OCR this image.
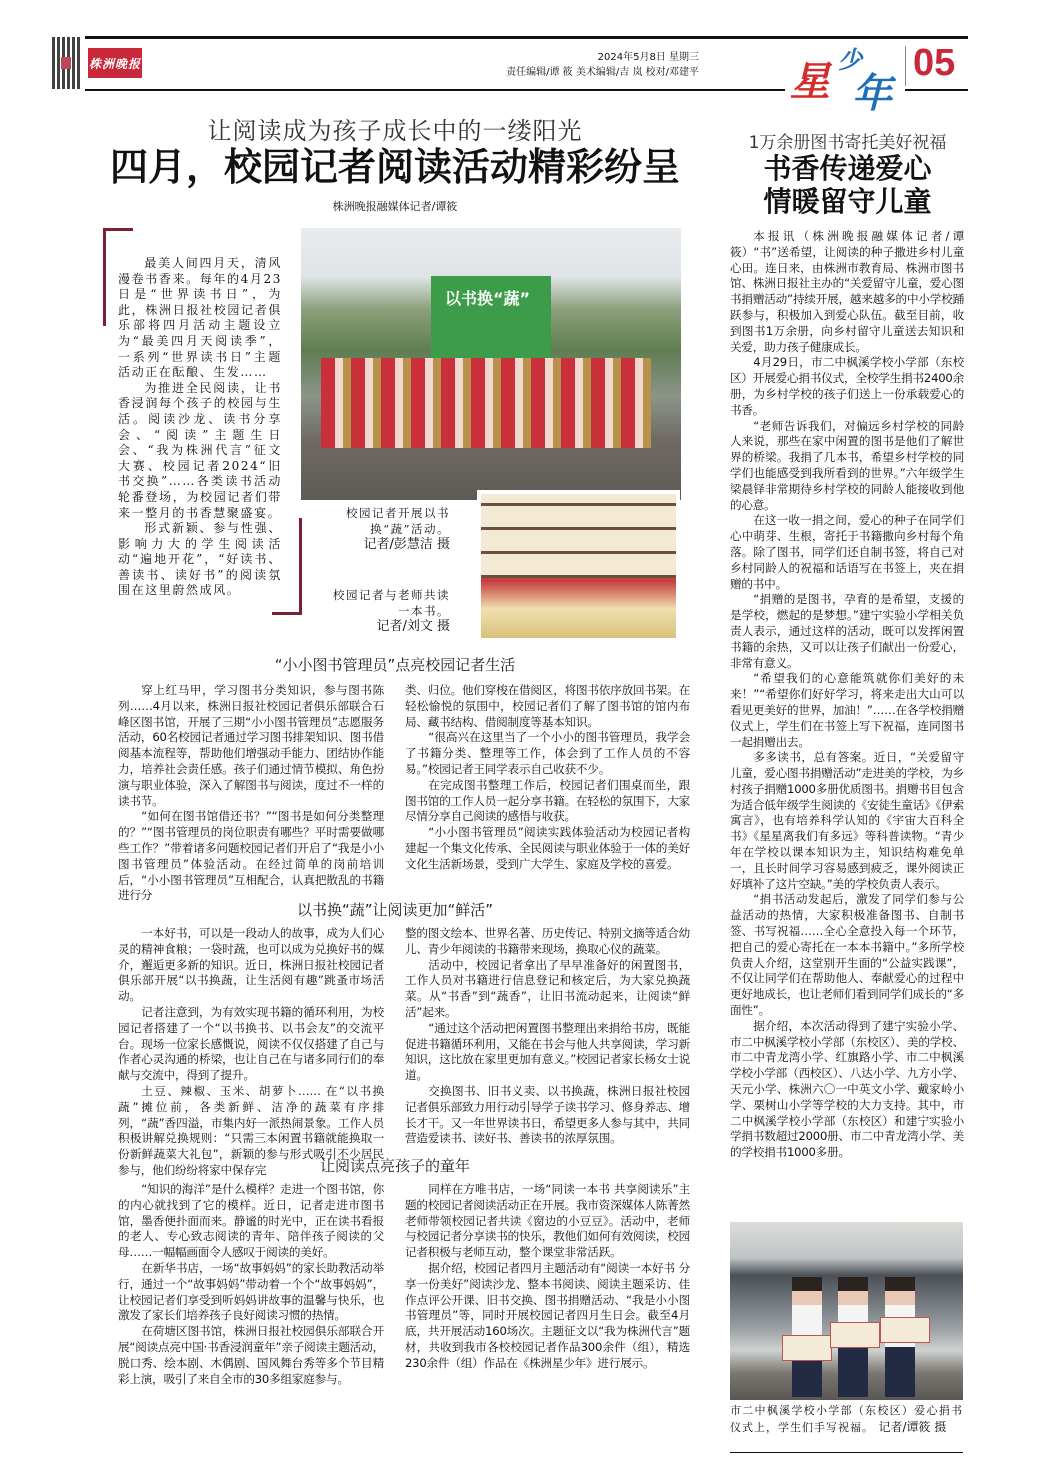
株洲晚报	2024年5月8日 星期三
责任编辑/谭 筱 美术编辑/吉 岚 校对/邓建平 星 少
年
05
让阅读成为孩子成长中的一缕阳光
四月，校园记者阅读活动精彩纷呈
株洲晚报融媒体记者/谭筱

最美人间四月天，清风漫卷书香来。每年的4月23日是“世界读书日”，为此，株洲日报社校园记者俱乐部将四月活动主题设立为“最美四月天阅读季”，一系列“世界读书日”主题活动正在酝酿、生发……

为推进全民阅读，让书香浸润每个孩子的校园与生活。阅读沙龙、读书分享会、“阅读”主题生日会、“我为株洲代言”征文大赛、校园记者2024“旧书交换”……各类读书活动轮番登场，为校园记者们带来一整月的书香慧聚盛宴。

形式新颖、参与性强、影响力大的学生阅读活动“遍地开花”，“好读书、善读书、读好书”的阅读氛围在这里蔚然成风。

以书换“蔬”
校园记者开展以书换“蔬”活动。
记者/彭慧洁 摄
校园记者与老师共读一本书。
记者/刘文 摄
“小小图书管理员”点亮校园记者生活

穿上红马甲，学习图书分类知识，参与图书陈列……4月以来，株洲日报社校园记者俱乐部联合石峰区图书馆，开展了三期“小小图书管理员”志愿服务活动，60名校园记者通过学习图书排架知识、图书借阅基本流程等，帮助他们增强动手能力、团结协作能力，培养社会责任感。孩子们通过情节模拟、角色扮演与职业体验，深入了解图书与阅读，度过不一样的读书节。

“如何在图书馆借还书？”“图书是如何分类整理的？”“图书管理员的岗位职责有哪些？平时需要做哪些工作？”带着诸多问题校园记者们开启了“我是小小图书管理员”体验活动。在经过简单的岗前培训后，“小小图书管理员”互相配合，认真把散乱的书籍进行分

类、归位。他们穿梭在借阅区，将图书依序放回书架。在轻松愉悦的氛围中，校园记者们了解了图书馆的馆内布局、藏书结构、借阅制度等基本知识。

“很高兴在这里当了一个小小的图书管理员，我学会了书籍分类、整理等工作，体会到了工作人员的不容易。”校园记者王同学表示自己收获不少。

在完成图书整理工作后，校园记者们围桌而坐，跟图书馆的工作人员一起分享书籍。在轻松的氛围下，大家尽情分享自己阅读的感悟与收获。

“小小图书管理员”阅读实践体验活动为校园记者构建起一个集文化传承、全民阅读与职业体验于一体的美好文化生活新场景，受到广大学生、家庭及学校的喜爱。

以书换“蔬”让阅读更加“鲜活”

一本好书，可以是一段动人的故事，成为人们心灵的精神食粮；一袋时蔬，也可以成为兑换好书的媒介，邂逅更多新的知识。近日，株洲日报社校园记者俱乐部开展“以书换蔬，让生活阅有趣”跳蚤市场活动。

记者注意到，为有效实现书籍的循环利用，为校园记者搭建了一个“以书换书、以书会友”的交流平台。现场一位家长感慨说，阅读不仅仅搭建了自己与作者心灵沟通的桥梁，也让自己在与诸多同行们的奉献与交流中，得到了提升。

土豆、辣椒、玉米、胡萝卜…… 在“以书换蔬”摊位前，各类新鲜、洁净的蔬菜有序排列，“蔬”香四溢，市集内好一派热闹景象。工作人员积极讲解兑换规则：“只需三本闲置书籍就能换取一份新鲜蔬菜大礼包”，新颖的参与形式吸引不少居民参与，他们纷纷将家中保存完

整的图文绘本、世界名著、历史传记、特别文摘等适合幼儿、青少年阅读的书籍带来现场，换取心仪的蔬菜。

活动中，校园记者拿出了早早准备好的闲置图书，工作人员对书籍进行信息登记和核定后，为大家兑换蔬菜。从“书香”到“蔬香”，让旧书流动起来，让阅读“鲜活”起来。

“通过这个活动把闲置图书整理出来捐给书房，既能促进书籍循环利用，又能在书会与他人共享阅读，学习新知识，这比放在家里更加有意义。”校园记者家长杨女士说道。

交换图书、旧书义卖、以书换蔬，株洲日报社校园记者俱乐部致力用行动引导学子读书学习、修身养志、增长才干。又一年世界读书日，希望更多人参与其中，共同营造爱读书、读好书、善读书的浓厚氛围。

让阅读点亮孩子的童年

“知识的海洋”是什么模样？走进一个图书馆，你的内心就找到了它的模样。近日，记者走进市图书馆，墨香便扑面而来。静谧的时光中，正在读书看报的老人、专心致志阅读的青年、陪伴孩子阅读的父母……一幅幅画面令人感叹于阅读的美好。

在新华书店，一场“故事妈妈”的家长助教活动举行，通过一个“故事妈妈”带动着一个个“故事妈妈”，让校园记者们享受到听妈妈讲故事的温馨与快乐，也激发了家长们培养孩子良好阅读习惯的热情。

在荷塘区图书馆，株洲日报社校园俱乐部联合开展“阅读点亮中国·书香浸润童年”亲子阅读主题活动，脱口秀、绘本剧、木偶剧、国风舞台秀等多个节目精彩上演，吸引了来自全市的30多组家庭参与。

同样在方唯书店，一场“同读一本书 共享阅读乐”主题的校园记者阅读活动正在开展。我市资深媒体人陈菁然老师带领校园记者共读《窗边的小豆豆》。活动中，老师与校园记者分享读书的快乐，教他们如何有效阅读，校园记者积极与老师互动，整个课堂非常活跃。

据介绍，校园记者四月主题活动有“阅读一本好书 分享一份美好”阅读沙龙、整本书阅读、阅读主题采访、佳作点评公开课、旧书交换、图书捐赠活动、“我是小小图书管理员”等，同时开展校园记者四月生日会。截至4月底，共开展活动160场次。主题征文以“我为株洲代言”题材，共收到我市各校校园记者作品300余件（组），精选230余件（组）作品在《株洲星少年》进行展示。

1万余册图书寄托美好祝福
书香传递爱心
情暖留守儿童

本报讯（株洲晚报融媒体记者/谭筱）“书”送希望，让阅读的种子撒进乡村儿童心田。连日来，由株洲市教育局、株洲市图书馆、株洲日报社主办的“关爱留守儿童，爱心图书捐赠活动”持续开展，越来越多的中小学校踊跃参与，积极加入到爱心队伍。截至目前，收到图书1万余册，向乡村留守儿童送去知识和关爱，助力孩子健康成长。

4月29日，市二中枫溪学校小学部（东校区）开展爱心捐书仪式，全校学生捐书2400余册，为乡村学校的孩子们送上一份承载爱心的书香。

“老师告诉我们，对偏远乡村学校的同龄人来说，那些在家中闲置的图书是他们了解世界的桥梁。我捐了几本书，希望乡村学校的同学们也能感受到我所看到的世界。”六年级学生梁晨铎非常期待乡村学校的同龄人能接收到他的心意。

在这一收一捐之间，爱心的种子在同学们心中萌芽、生根，寄托于书籍撒向乡村每个角落。除了图书，同学们还自制书签，将自己对乡村同龄人的祝福和话语写在书签上，夹在捐赠的书中。

“捐赠的是图书，孕育的是希望，支援的是学校，燃起的是梦想。”建宁实验小学相关负责人表示，通过这样的活动，既可以发挥闲置书籍的余热，又可以让孩子们献出一份爱心，非常有意义。

“希望我们的心意能筑就你们美好的未来！”“希望你们好好学习，将来走出大山可以看见更美好的世界，加油！”……在各学校捐赠仪式上，学生们在书签上写下祝福，连同图书一起捐赠出去。

多多读书，总有答案。近日，“关爱留守儿童，爱心图书捐赠活动”走进美的学校，为乡村孩子捐赠1000多册优质图书。捐赠书目包含为适合低年级学生阅读的《安徒生童话》《伊索寓言》，也有培养科学认知的《宇宙大百科全书》《星星离我们有多远》等科普读物。“青少年在学校以课本知识为主，知识结构难免单一，且长时间学习容易感到疲乏，课外阅读正好填补了这片空缺。”美的学校负责人表示。

“捐书活动发起后，激发了同学们参与公益活动的热情，大家积极准备图书、自制书签、书写祝福……全心全意投入每一个环节，把自己的爱心寄托在一本本书籍中。”多所学校负责人介绍，这堂别开生面的“公益实践课”，不仅让同学们在帮助他人、奉献爱心的过程中更好地成长，也让老师们看到同学们成长的“多面性”。

据介绍，本次活动得到了建宁实验小学、市二中枫溪学校小学部（东校区）、美的学校、市二中青龙湾小学、红旗路小学、市二中枫溪学校小学部（西校区）、八达小学、九方小学、天元小学、株洲六〇一中英文小学、戴家岭小学、栗树山小学等学校的大力支持。其中，市二中枫溪学校小学部（东校区）和建宁实验小学捐书数超过2000册、市二中青龙湾小学、美的学校捐书1000多册。

市二中枫溪学校小学部（东校区）爱心捐书仪式上，学生们手写祝福。 记者/谭筱 摄
